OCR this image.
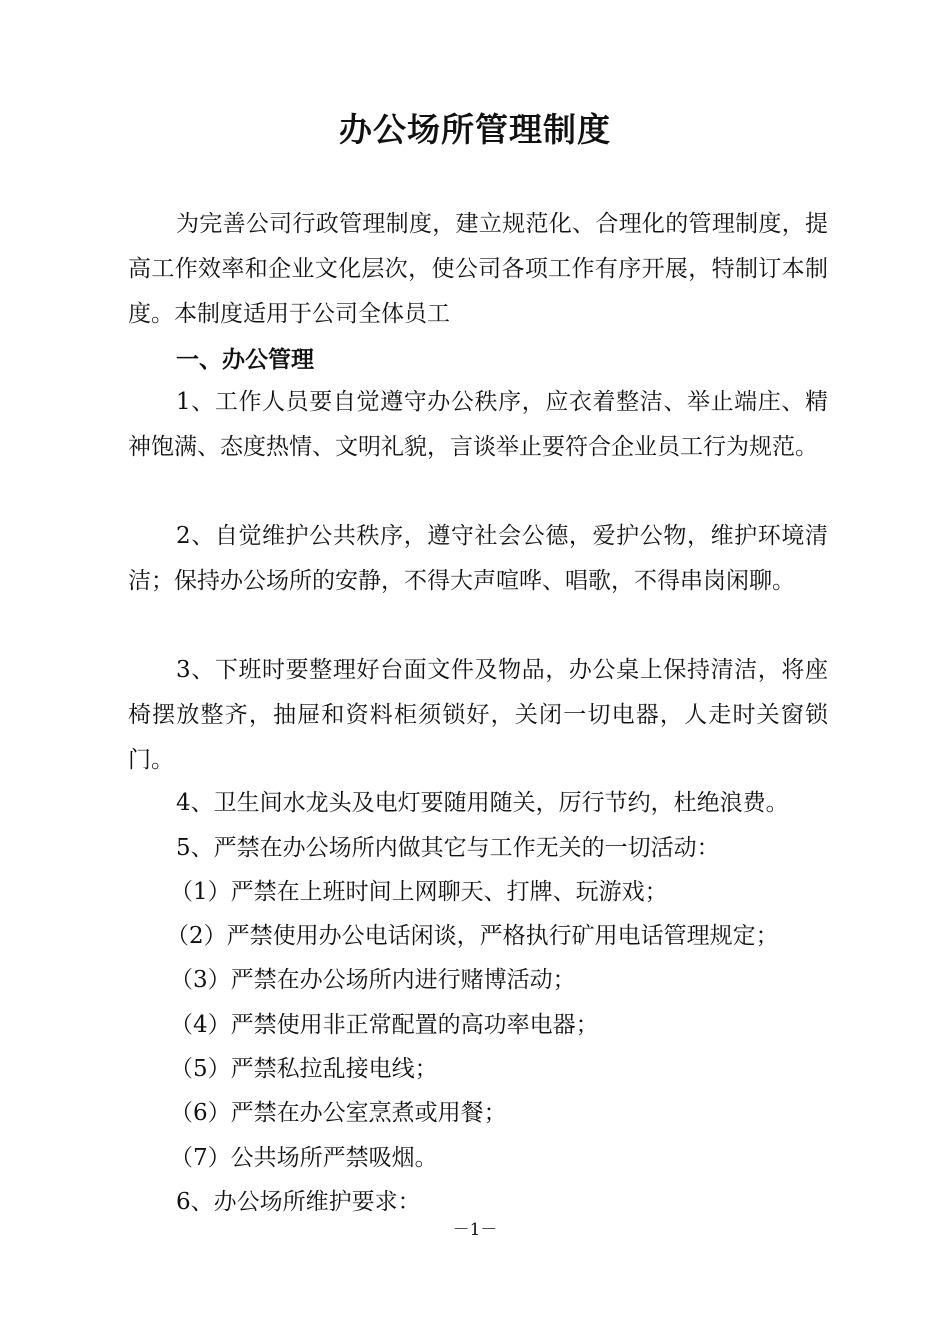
办公场所管理制度

为完善公司行政管理制度，建立规范化、合理化的管理制度，提高工作效率和企业文化层次，使公司各项工作有序开展，特制订本制度。本制度适用于公司全体员工

一、办公管理

1、工作人员要自觉遵守办公秩序，应衣着整洁、举止端庄、精神饱满、态度热情、文明礼貌，言谈举止要符合企业员工行为规范。

2、自觉维护公共秩序，遵守社会公德，爱护公物，维护环境清洁；保持办公场所的安静，不得大声喧哗、唱歌，不得串岗闲聊。

3、下班时要整理好台面文件及物品，办公桌上保持清洁，将座椅摆放整齐，抽屉和资料柜须锁好，关闭一切电器，人走时关窗锁门。

4、卫生间水龙头及电灯要随用随关，厉行节约，杜绝浪费。

5、严禁在办公场所内做其它与工作无关的一切活动：

（1）严禁在上班时间上网聊天、打牌、玩游戏；

（2）严禁使用办公电话闲谈，严格执行矿用电话管理规定；

（3）严禁在办公场所内进行赌博活动；

（4）严禁使用非正常配置的高功率电器；

（5）严禁私拉乱接电线；

（6）严禁在办公室烹煮或用餐；

（7）公共场所严禁吸烟。

6、办公场所维护要求：

－1－
